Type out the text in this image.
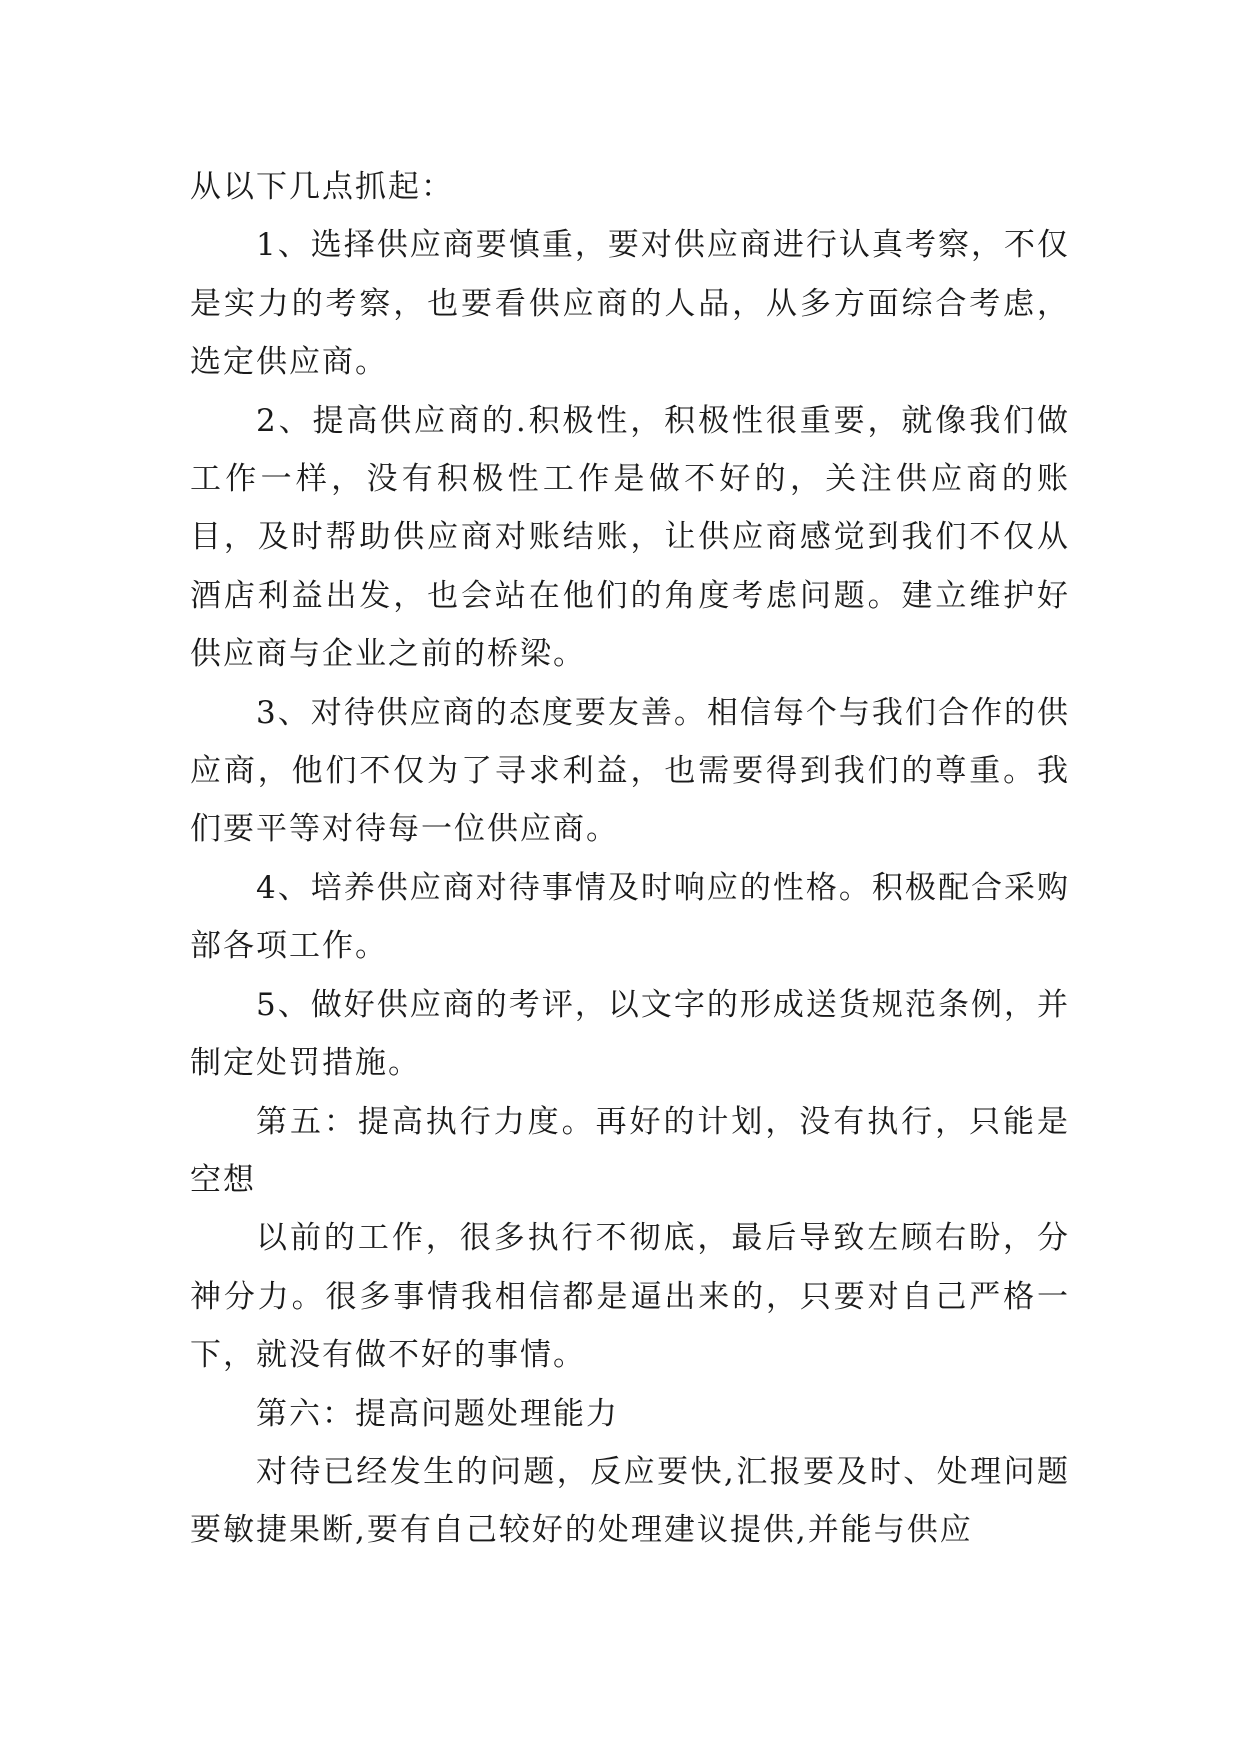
从以下几点抓起：

1、选择供应商要慎重，要对供应商进行认真考察，不仅是实力的考察，也要看供应商的人品，从多方面综合考虑，选定供应商。

2、提高供应商的.积极性，积极性很重要，就像我们做工作一样，没有积极性工作是做不好的，关注供应商的账目，及时帮助供应商对账结账，让供应商感觉到我们不仅从酒店利益出发，也会站在他们的角度考虑问题。建立维护好供应商与企业之前的桥梁。

3、对待供应商的态度要友善。相信每个与我们合作的供应商，他们不仅为了寻求利益，也需要得到我们的尊重。我们要平等对待每一位供应商。

4、培养供应商对待事情及时响应的性格。积极配合采购部各项工作。

5、做好供应商的考评，以文字的形成送货规范条例，并制定处罚措施。

第五：提高执行力度。再好的计划，没有执行，只能是空想

以前的工作，很多执行不彻底，最后导致左顾右盼，分神分力。很多事情我相信都是逼出来的，只要对自己严格一下，就没有做不好的事情。

第六：提高问题处理能力

对待已经发生的问题，反应要快,汇报要及时、处理问题要敏捷果断,要有自己较好的处理建议提供,并能与供应
